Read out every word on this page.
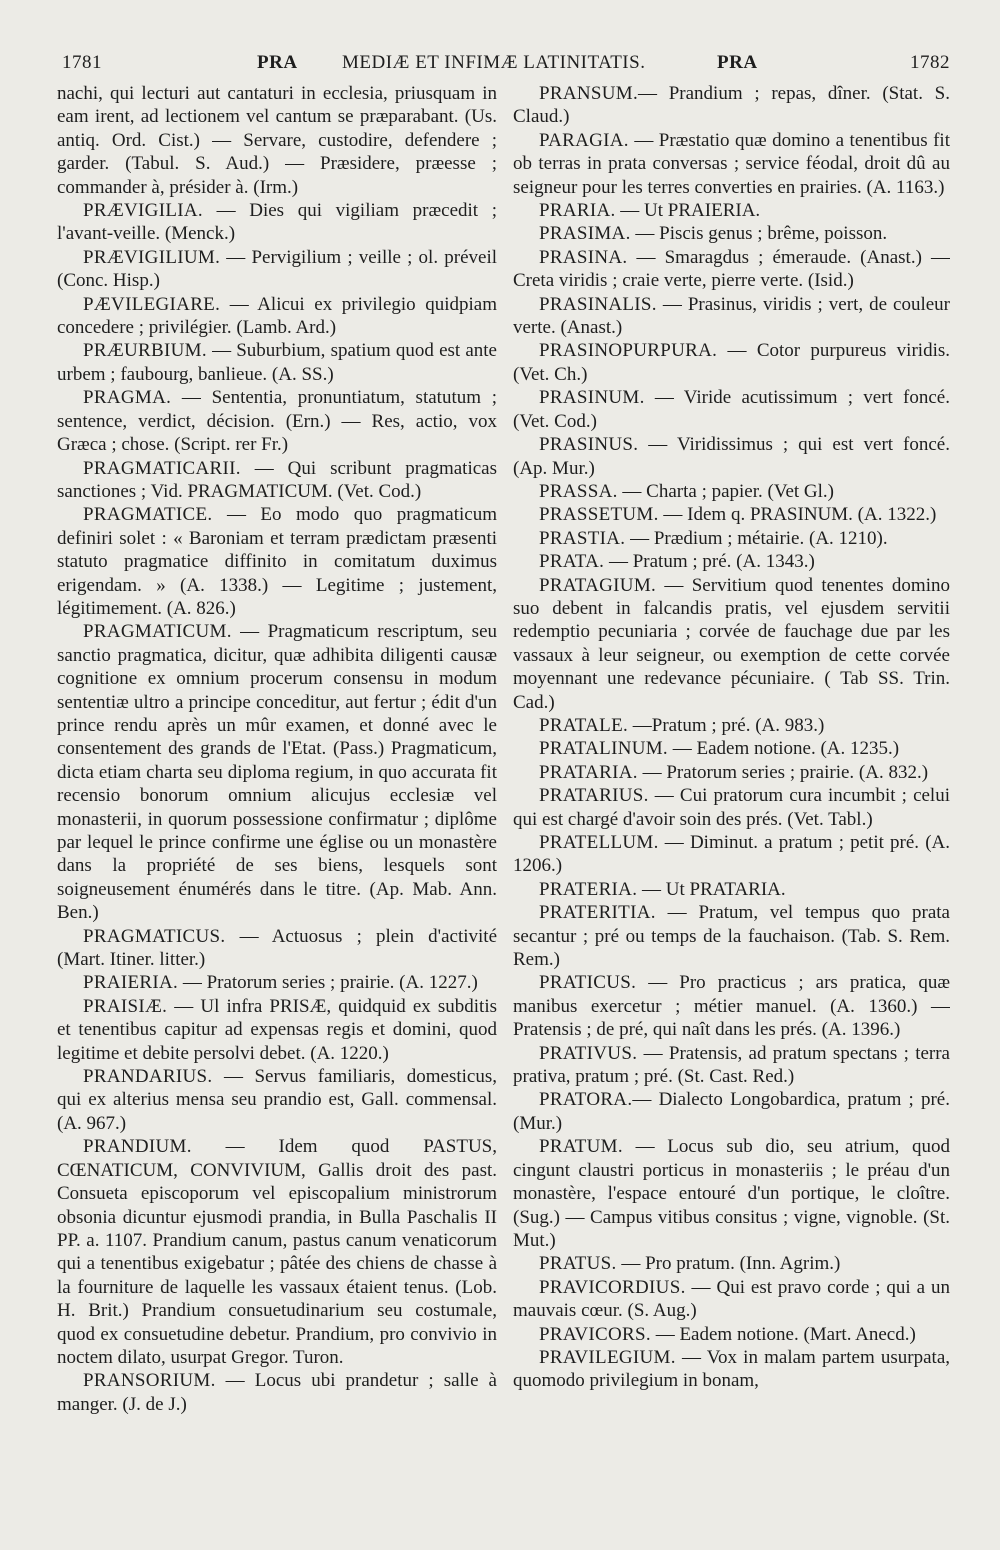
1781	PRA MEDIÆ ET INFIMÆ LATINITATIS.	PRA	1782

nachi, qui lecturi aut cantaturi in ecclesia, priusquam in eam irent, ad lectionem vel cantum se præparabant. (Us. antiq. Ord. Cist.) — Servare, custodire, defendere ; garder. (Tabul. S. Aud.) — Præsidere, præesse ; commander à, présider à. (Irm.)

PRÆVIGILIA. — Dies qui vigiliam præcedit ; l'avant-veille. (Menck.)

PRÆVIGILIUM. — Pervigilium ; veille ; ol. préveil (Conc. Hisp.)

PÆVILEGIARE. — Alicui ex privilegio quidpiam concedere ; privilégier. (Lamb. Ard.)

PRÆURBIUM. — Suburbium, spatium quod est ante urbem ; faubourg, banlieue. (A. SS.)

PRAGMA. — Sententia, pronuntiatum, statutum ; sentence, verdict, décision. (Ern.) — Res, actio, vox Græca ; chose. (Script. rer Fr.)

PRAGMATICARII. — Qui scribunt pragmaticas sanctiones ; Vid. PRAGMATICUM. (Vet. Cod.)

PRAGMATICE. — Eo modo quo pragmaticum definiri solet : « Baroniam et terram prædictam præsenti statuto pragmatice diffinito in comitatum duximus erigendam. » (A. 1338.) — Legitime ; justement, légitimement. (A. 826.)

PRAGMATICUM. — Pragmaticum rescriptum, seu sanctio pragmatica, dicitur, quæ adhibita diligenti causæ cognitione ex omnium procerum consensu in modum sententiæ ultro a principe conceditur, aut fertur ; édit d'un prince rendu après un mûr examen, et donné avec le consentement des grands de l'Etat. (Pass.) Pragmaticum, dicta etiam charta seu diploma regium, in quo accurata fit recensio bonorum omnium alicujus ecclesiæ vel monasterii, in quorum possessione confirmatur ; diplôme par lequel le prince confirme une église ou un monastère dans la propriété de ses biens, lesquels sont soigneusement énumérés dans le titre. (Ap. Mab. Ann. Ben.)

PRAGMATICUS. — Actuosus ; plein d'activité (Mart. Itiner. litter.)

PRAIERIA. — Pratorum series ; prairie. (A. 1227.)

PRAISIÆ. — Ul infra PRISÆ, quidquid ex subditis et tenentibus capitur ad expensas regis et domini, quod legitime et debite persolvi debet. (A. 1220.)

PRANDARIUS. — Servus familiaris, domesticus, qui ex alterius mensa seu prandio est, Gall. commensal. (A. 967.)

PRANDIUM. — Idem quod PASTUS, CŒNATICUM, CONVIVIUM, Gallis droit des past. Consueta episcoporum vel episcopalium ministrorum obsonia dicuntur ejusmodi prandia, in Bulla Paschalis II PP. a. 1107. Prandium canum, pastus canum venaticorum qui a tenentibus exigebatur ; pâtée des chiens de chasse à la fourniture de laquelle les vassaux étaient tenus. (Lob. H. Brit.) Prandium consuetudinarium seu costumale, quod ex consuetudine debetur. Prandium, pro convivio in noctem dilato, usurpat Gregor. Turon.

PRANSORIUM. — Locus ubi prandetur ; salle à manger. (J. de J.)

PRANSUM.— Prandium ; repas, dîner. (Stat. S. Claud.)

PARAGIA. — Præstatio quæ domino a tenentibus fit ob terras in prata conversas ; service féodal, droit dû au seigneur pour les terres converties en prairies. (A. 1163.)

PRARIA. — Ut PRAIERIA.

PRASIMA. — Piscis genus ; brême, poisson.

PRASINA. — Smaragdus ; émeraude. (Anast.) — Creta viridis ; craie verte, pierre verte. (Isid.)

PRASINALIS. — Prasinus, viridis ; vert, de couleur verte. (Anast.)

PRASINOPURPURA. — Cotor purpureus viridis. (Vet. Ch.)

PRASINUM. — Viride acutissimum ; vert foncé. (Vet. Cod.)

PRASINUS. — Viridissimus ; qui est vert foncé. (Ap. Mur.)

PRASSA. — Charta ; papier. (Vet Gl.)

PRASSETUM. — Idem q. PRASINUM. (A. 1322.)

PRASTIA. — Prædium ; métairie. (A. 1210).

PRATA. — Pratum ; pré. (A. 1343.)

PRATAGIUM. — Servitium quod tenentes domino suo debent in falcandis pratis, vel ejusdem servitii redemptio pecuniaria ; corvée de fauchage due par les vassaux à leur seigneur, ou exemption de cette corvée moyennant une redevance pécuniaire. ( Tab SS. Trin. Cad.)

PRATALE. —Pratum ; pré. (A. 983.)

PRATALINUM. — Eadem notione. (A. 1235.)

PRATARIA. — Pratorum series ; prairie. (A. 832.)

PRATARIUS. — Cui pratorum cura incumbit ; celui qui est chargé d'avoir soin des prés. (Vet. Tabl.)

PRATELLUM. — Diminut. a pratum ; petit pré. (A. 1206.)

PRATERIA. — Ut PRATARIA.

PRATERITIA. — Pratum, vel tempus quo prata secantur ; pré ou temps de la fauchaison. (Tab. S. Rem. Rem.)

PRATICUS. — Pro practicus ; ars pratica, quæ manibus exercetur ; métier manuel. (A. 1360.) — Pratensis ; de pré, qui naît dans les prés. (A. 1396.)

PRATIVUS. — Pratensis, ad pratum spectans ; terra prativa, pratum ; pré. (St. Cast. Red.)

PRATORA.— Dialecto Longobardica, pratum ; pré. (Mur.)

PRATUM. — Locus sub dio, seu atrium, quod cingunt claustri porticus in monasteriis ; le préau d'un monastère, l'espace entouré d'un portique, le cloître. (Sug.) — Campus vitibus consitus ; vigne, vignoble. (St. Mut.)

PRATUS. — Pro pratum. (Inn. Agrim.)

PRAVICORDIUS. — Qui est pravo corde ; qui a un mauvais cœur. (S. Aug.)

PRAVICORS. — Eadem notione. (Mart. Anecd.)

PRAVILEGIUM. — Vox in malam partem usurpata, quomodo privilegium in bonam,
